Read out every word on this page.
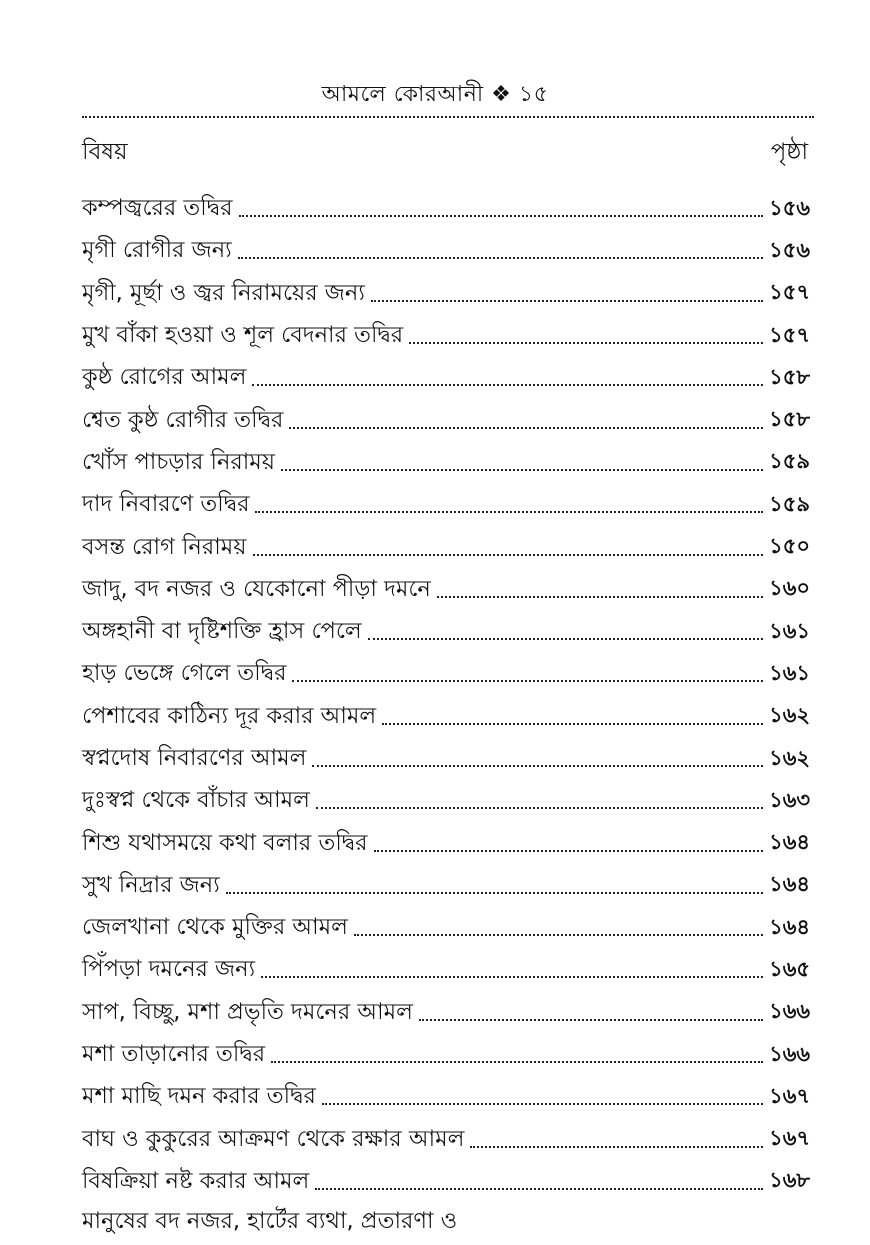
আমলে কোরআনী ❖ ১৫
বিষয়	পৃষ্ঠা
কম্পজ্বরের তদ্বির	১৫৬
মৃগী রোগীর জন্য	১৫৬
মৃগী, মূর্ছা ও জ্বর নিরাময়ের জন্য	১৫৭
মুখ বাঁকা হওয়া ও শূল বেদনার তদ্বির	১৫৭
কুষ্ঠ রোগের আমল	১৫৮
শ্বেত কুষ্ঠ রোগীর তদ্বির	১৫৮
খোঁস পাচড়ার নিরাময়	১৫৯
দাদ নিবারণে তদ্বির	১৫৯
বসন্ত রোগ নিরাময়	১৫০
জাদু, বদ নজর ও যেকোনো পীড়া দমনে	১৬০
অঙ্গহানী বা দৃষ্টিশক্তি হ্রাস পেলে	১৬১
হাড় ভেঙ্গে গেলে তদ্বির	১৬১
পেশাবের কাঠিন্য দূর করার আমল	১৬২
স্বপ্নদোষ নিবারণের আমল	১৬২
দুঃস্বপ্ন থেকে বাঁচার আমল	১৬৩
শিশু যথাসময়ে কথা বলার তদ্বির	১৬৪
সুখ নিদ্রার জন্য	১৬৪
জেলখানা থেকে মুক্তির আমল	১৬৪
পিঁপড়া দমনের জন্য	১৬৫
সাপ, বিচ্ছু, মশা প্রভৃতি দমনের আমল	১৬৬
মশা তাড়ানোর তদ্বির	১৬৬
মশা মাছি দমন করার তদ্বির	১৬৭
বাঘ ও কুকুরের আক্রমণ থেকে রক্ষার আমল	১৬৭
বিষক্রিয়া নষ্ট করার আমল	১৬৮
মানুষের বদ নজর, হার্টের ব্যথা, প্রতারণা ও
